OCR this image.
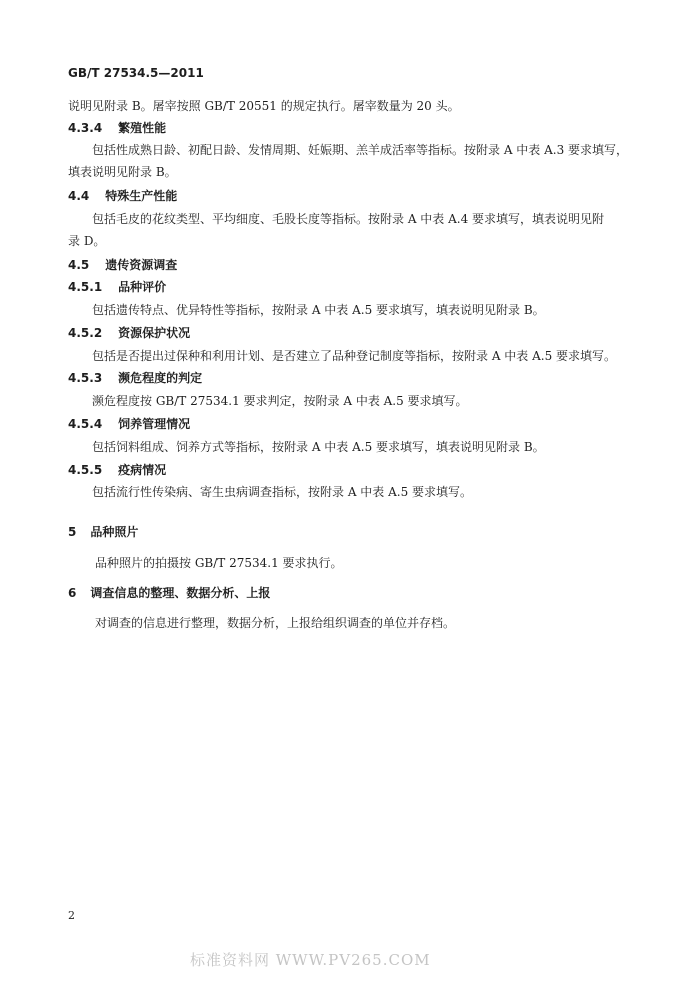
GB/T 27534.5—2011
说明见附录 B。屠宰按照 GB/T 20551 的规定执行。屠宰数量为 20 头。
4.3.4 繁殖性能
包括性成熟日龄、初配日龄、发情周期、妊娠期、羔羊成活率等指标。按附录 A 中表 A.3 要求填写，
填表说明见附录 B。
4.4 特殊生产性能
包括毛皮的花纹类型、平均细度、毛股长度等指标。按附录 A 中表 A.4 要求填写，填表说明见附
录 D。
4.5 遗传资源调查
4.5.1 品种评价
包括遗传特点、优异特性等指标，按附录 A 中表 A.5 要求填写，填表说明见附录 B。
4.5.2 资源保护状况
包括是否提出过保种和利用计划、是否建立了品种登记制度等指标，按附录 A 中表 A.5 要求填写。
4.5.3 濒危程度的判定
濒危程度按 GB/T 27534.1 要求判定，按附录 A 中表 A.5 要求填写。
4.5.4 饲养管理情况
包括饲料组成、饲养方式等指标，按附录 A 中表 A.5 要求填写，填表说明见附录 B。
4.5.5 疫病情况
包括流行性传染病、寄生虫病调查指标，按附录 A 中表 A.5 要求填写。
5 品种照片
品种照片的拍摄按 GB/T 27534.1 要求执行。
6 调查信息的整理、数据分析、上报
对调查的信息进行整理，数据分析，上报给组织调查的单位并存档。
2
标准资料网 WWW.PV265.COM
